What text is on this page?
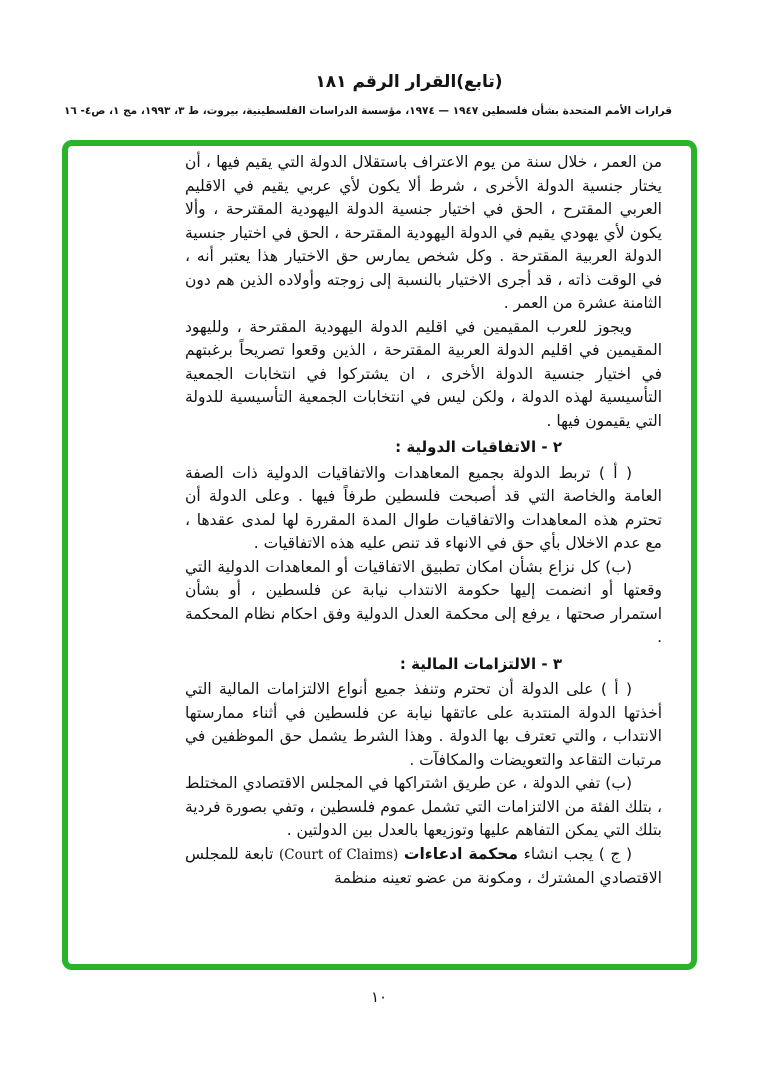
(تابع)القرار الرقم ١٨١
قرارات الأمم المتحدة بشأن فلسطين ١٩٤٧ — ١٩٧٤، مؤسسة الدراسات الفلسطينية، بيروت، ط ٣، ١٩٩٣، مج ١، ص٤- ١٦

من العمر ، خلال سنة من يوم الاعتراف باستقلال الدولة التي يقيم فيها ، أن يختار جنسية الدولة الأخرى ، شرط ألا يكون لأي عربي يقيم في الاقليم العربي المقترح ، الحق في اختيار جنسية الدولة اليهودية المقترحة ، وألا يكون لأي يهودي يقيم في الدولة اليهودية المقترحة ، الحق في اختيار جنسية الدولة العربية المقترحة . وكل شخص يمارس حق الاختيار هذا يعتبر أنه ، في الوقت ذاته ، قد أجرى الاختيار بالنسبة إلى زوجته وأولاده الذين هم دون الثامنة عشرة من العمر .

ويجوز للعرب المقيمين في اقليم الدولة اليهودية المقترحة ، ولليهود المقيمين في اقليم الدولة العربية المقترحة ، الذين وقعوا تصريحاً برغبتهم في اختيار جنسية الدولة الأخرى ، ان يشتركوا في انتخابات الجمعية التأسيسية لهذه الدولة ، ولكن ليس في انتخابات الجمعية التأسيسية للدولة التي يقيمون فيها .

٢ - الاتفاقيات الدولية :

( أ ) تربط الدولة بجميع المعاهدات والاتفاقيات الدولية ذات الصفة العامة والخاصة التي قد أصبحت فلسطين طرفاً فيها . وعلى الدولة أن تحترم هذه المعاهدات والاتفاقيات طوال المدة المقررة لها لمدى عقدها ، مع عدم الاخلال بأي حق في الانهاء قد تنص عليه هذه الاتفاقيات .

(ب) كل نزاع بشأن امكان تطبيق الاتفاقيات أو المعاهدات الدولية التي وقعتها أو انضمت إليها حكومة الانتداب نيابة عن فلسطين ، أو بشأن استمرار صحتها ، يرفع إلى محكمة العدل الدولية وفق احكام نظام المحكمة .

٣ - الالتزامات المالية :

( أ ) على الدولة أن تحترم وتنفذ جميع أنواع الالتزامات المالية التي أخذتها الدولة المنتدبة على عاتقها نيابة عن فلسطين في أثناء ممارستها الانتداب ، والتي تعترف بها الدولة . وهذا الشرط يشمل حق الموظفين في مرتبات التقاعد والتعويضات والمكافآت .

(ب) تفي الدولة ، عن طريق اشتراكها في المجلس الاقتصادي المختلط ، بتلك الفئة من الالتزامات التي تشمل عموم فلسطين ، وتفي بصورة فردية بتلك التي يمكن التفاهم عليها وتوزيعها بالعدل بين الدولتين .

( ج ) يجب انشاء محكمة ادعاءات (Court of Claims) تابعة للمجلس الاقتصادي المشترك ، ومكونة من عضو تعينه منظمة

١٠
